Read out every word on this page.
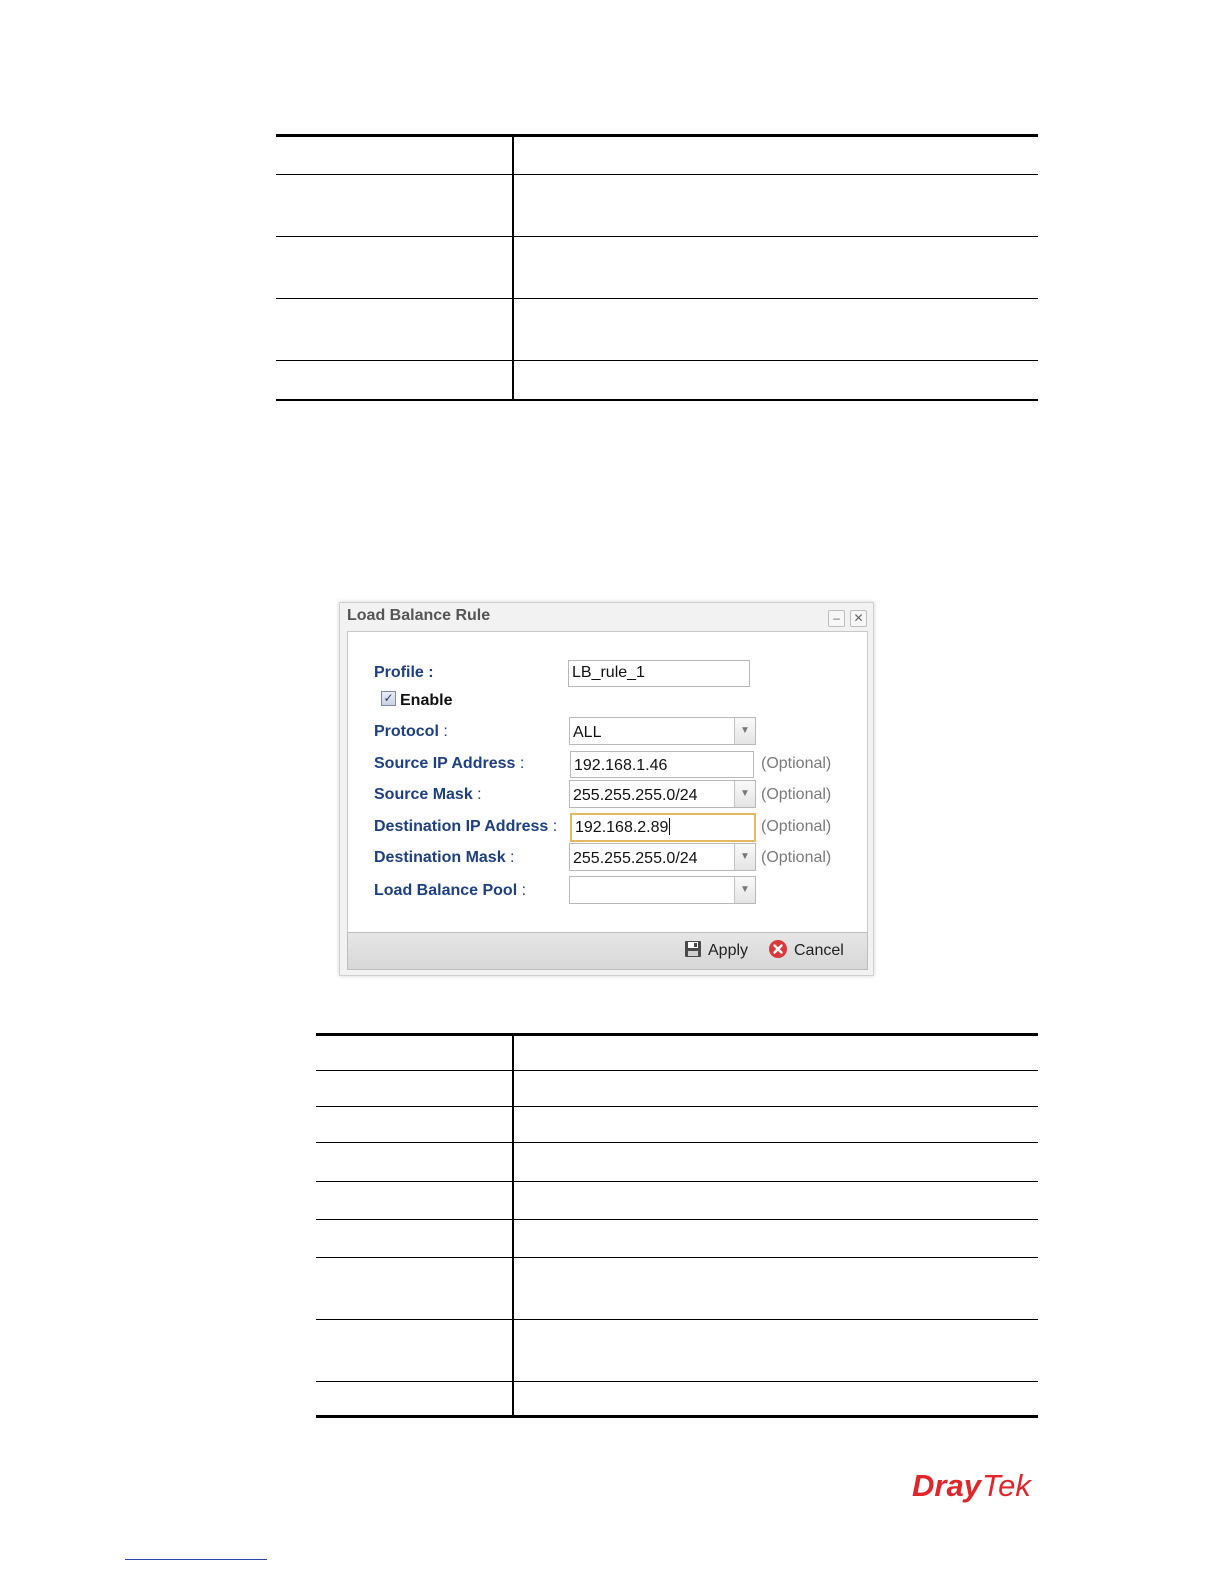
Load Balance Rule	–	✕
Profile :	LB_rule_1
✓ Enable
Protocol :	ALL	▼
Source IP Address :	192.168.1.46	(Optional)
Source Mask :	255.255.255.0/24	▼ (Optional)
Destination IP Address :	192.168.2.89	(Optional)
Destination Mask :	255.255.255.0/24	▼ (Optional)
Load Balance Pool :	▼
Apply	Cancel

Dray Tek
